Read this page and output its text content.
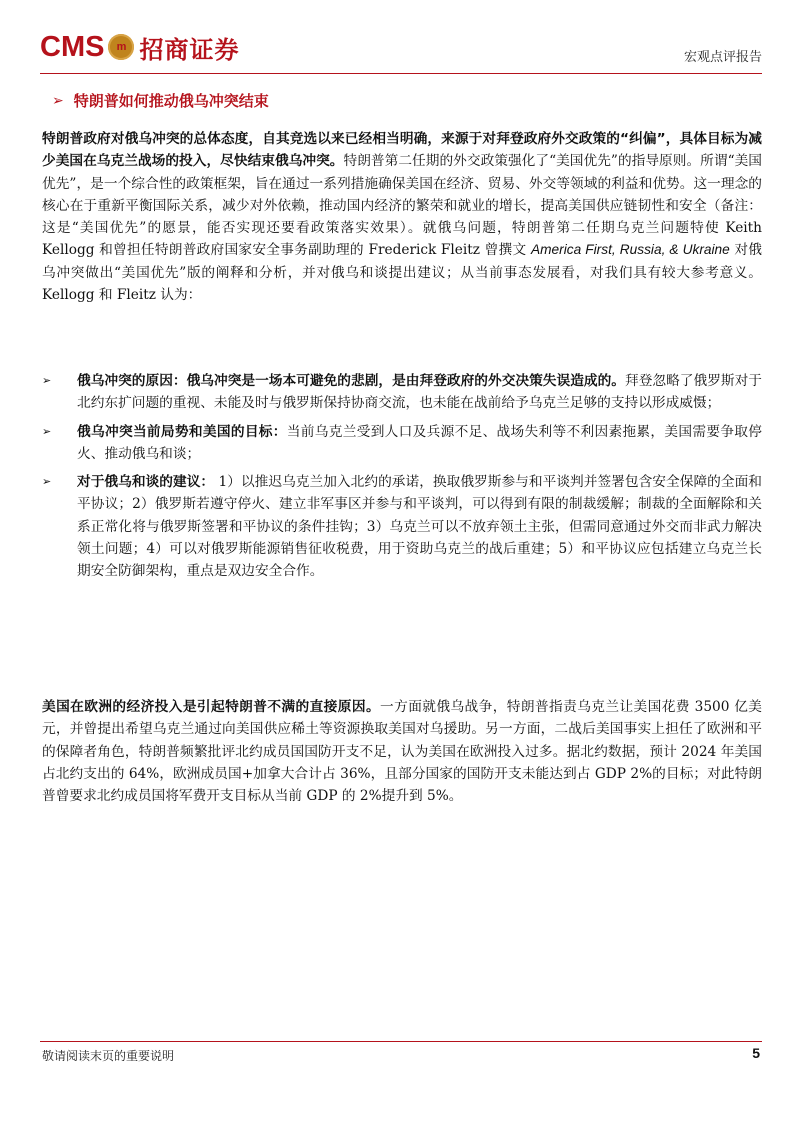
CMS	m 招商证券	宏观点评报告
➢ 特朗普如何推动俄乌冲突结束

特朗普政府对俄乌冲突的总体态度，自其竞选以来已经相当明确，来源于对拜登政府外交政策的“纠偏”，具体目标为减少美国在乌克兰战场的投入，尽快结束俄乌冲突。特朗普第二任期的外交政策强化了“美国优先”的指导原则。所谓“美国优先”，是一个综合性的政策框架，旨在通过一系列措施确保美国在经济、贸易、外交等领域的利益和优势。这一理念的核心在于重新平衡国际关系，减少对外依赖，推动国内经济的繁荣和就业的增长，提高美国供应链韧性和安全（备注：这是“美国优先”的愿景，能否实现还要看政策落实效果）。就俄乌问题，特朗普第二任期乌克兰问题特使 Keith Kellogg 和曾担任特朗普政府国家安全事务副助理的 Frederick Fleitz 曾撰文 America First, Russia, & Ukraine 对俄乌冲突做出“美国优先”版的阐释和分析，并对俄乌和谈提出建议；从当前事态发展看，对我们具有较大参考意义。Kellogg 和 Fleitz 认为：

➢ 俄乌冲突的原因：俄乌冲突是一场本可避免的悲剧，是由拜登政府的外交决策失误造成的。拜登忽略了俄罗斯对于北约东扩问题的重视、未能及时与俄罗斯保持协商交流，也未能在战前给予乌克兰足够的支持以形成威慑；

➢ 俄乌冲突当前局势和美国的目标：当前乌克兰受到人口及兵源不足、战场失利等不利因素拖累，美国需要争取停火、推动俄乌和谈；

➢ 对于俄乌和谈的建议： 1）以推迟乌克兰加入北约的承诺，换取俄罗斯参与和平谈判并签署包含安全保障的全面和平协议；2）俄罗斯若遵守停火、建立非军事区并参与和平谈判，可以得到有限的制裁缓解；制裁的全面解除和关系正常化将与俄罗斯签署和平协议的条件挂钩；3）乌克兰可以不放弃领土主张，但需同意通过外交而非武力解决领土问题；4）可以对俄罗斯能源销售征收税费，用于资助乌克兰的战后重建；5）和平协议应包括建立乌克兰长期安全防御架构，重点是双边安全合作。

美国在欧洲的经济投入是引起特朗普不满的直接原因。一方面就俄乌战争，特朗普指责乌克兰让美国花费 3500 亿美元，并曾提出希望乌克兰通过向美国供应稀土等资源换取美国对乌援助。另一方面，二战后美国事实上担任了欧洲和平的保障者角色，特朗普频繁批评北约成员国国防开支不足，认为美国在欧洲投入过多。据北约数据，预计 2024 年美国占北约支出的 64%，欧洲成员国+加拿大合计占 36%，且部分国家的国防开支未能达到占 GDP 2%的目标；对此特朗普曾要求北约成员国将军费开支目标从当前 GDP 的 2%提升到 5%。

敬请阅读末页的重要说明	5
